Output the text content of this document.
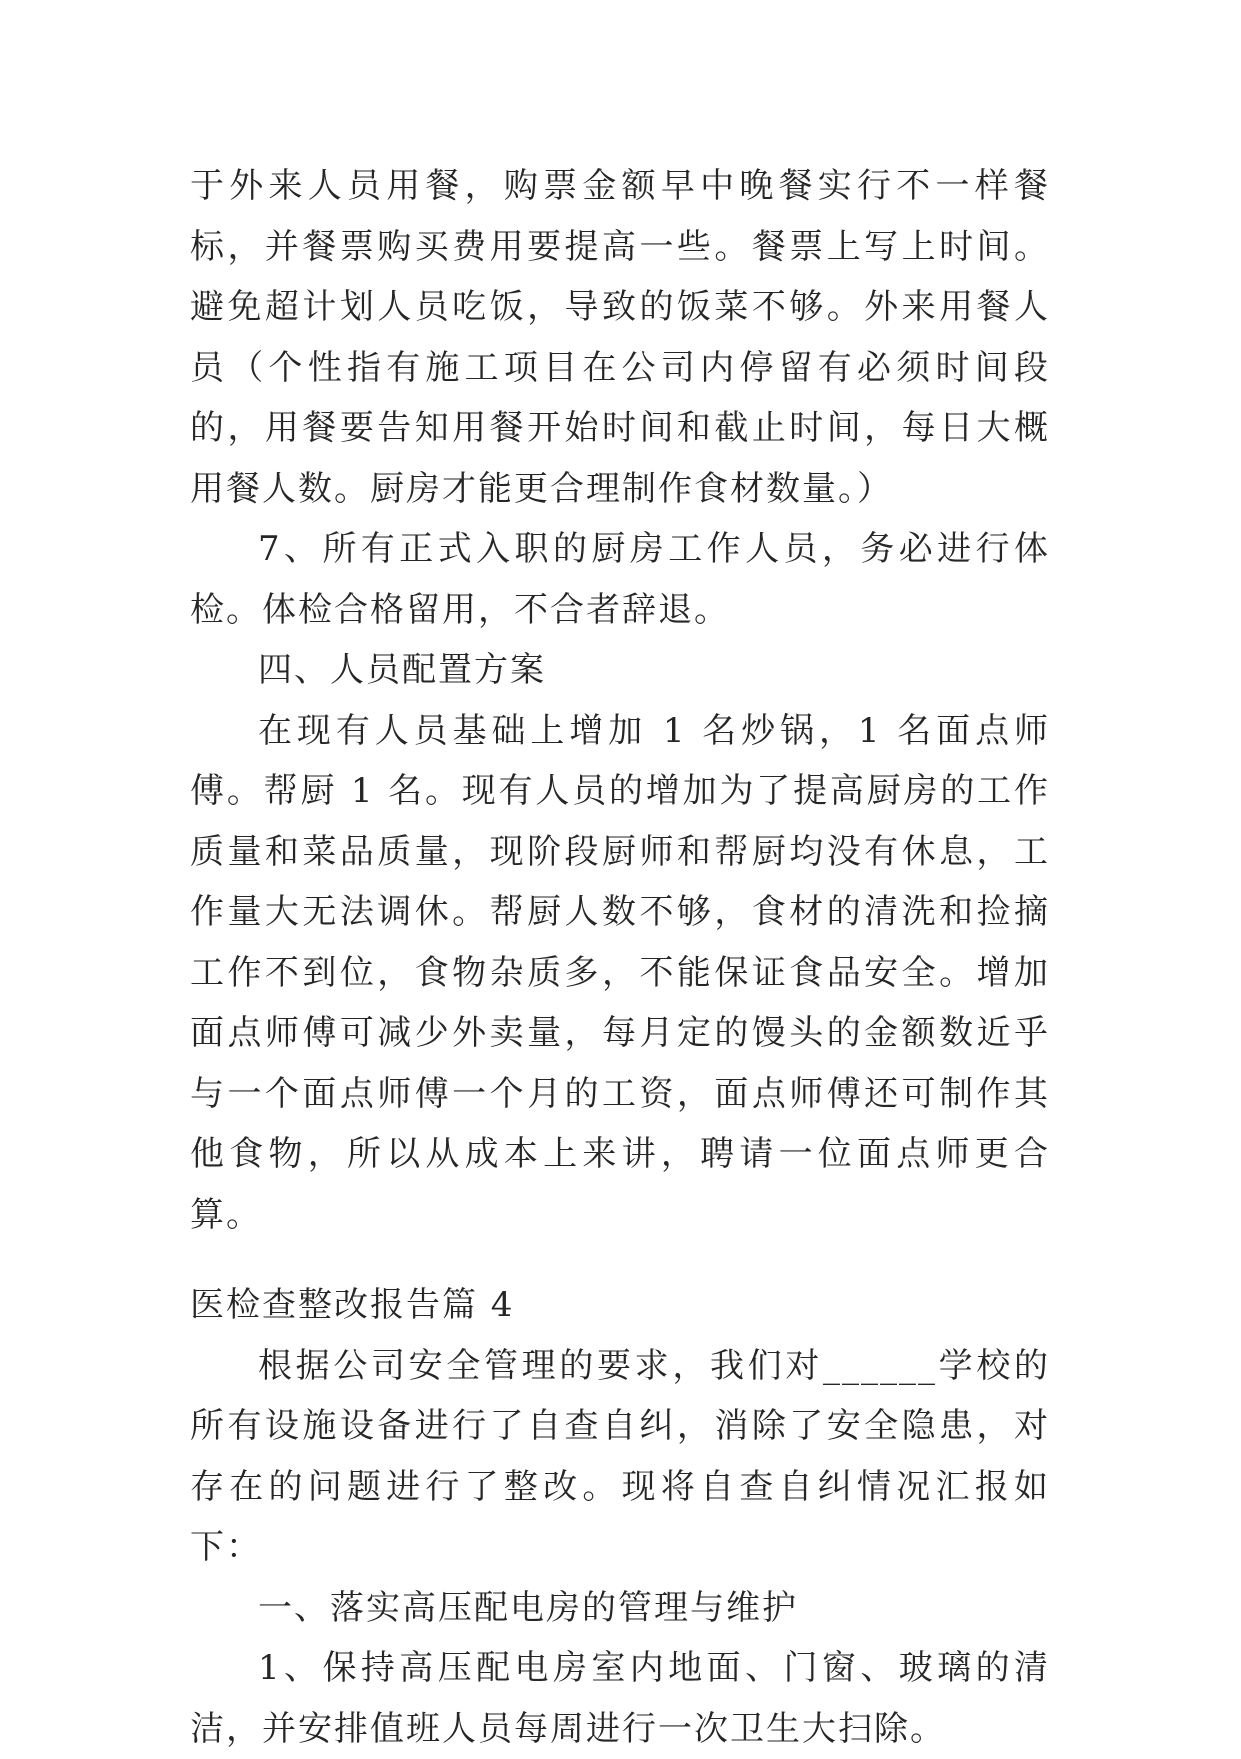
于外来人员用餐，购票金额早中晚餐实行不一样餐标，并餐票购买费用要提高一些。餐票上写上时间。避免超计划人员吃饭，导致的饭菜不够。外来用餐人员（个性指有施工项目在公司内停留有必须时间段的，用餐要告知用餐开始时间和截止时间，每日大概用餐人数。厨房才能更合理制作食材数量。）

7、所有正式入职的厨房工作人员，务必进行体检。体检合格留用，不合者辞退。

四、人员配置方案

在现有人员基础上增加 1 名炒锅，1 名面点师傅。帮厨 1 名。现有人员的增加为了提高厨房的工作质量和菜品质量，现阶段厨师和帮厨均没有休息，工作量大无法调休。帮厨人数不够，食材的清洗和捡摘工作不到位，食物杂质多，不能保证食品安全。增加面点师傅可减少外卖量，每月定的馒头的金额数近乎与一个面点师傅一个月的工资，面点师傅还可制作其他食物，所以从成本上来讲，聘请一位面点师更合算。

医检查整改报告篇 4

根据公司安全管理的要求，我们对______学校的所有设施设备进行了自查自纠，消除了安全隐患，对存在的问题进行了整改。现将自查自纠情况汇报如下：

一、落实高压配电房的管理与维护

1、保持高压配电房室内地面、门窗、玻璃的清洁，并安排值班人员每周进行一次卫生大扫除。
